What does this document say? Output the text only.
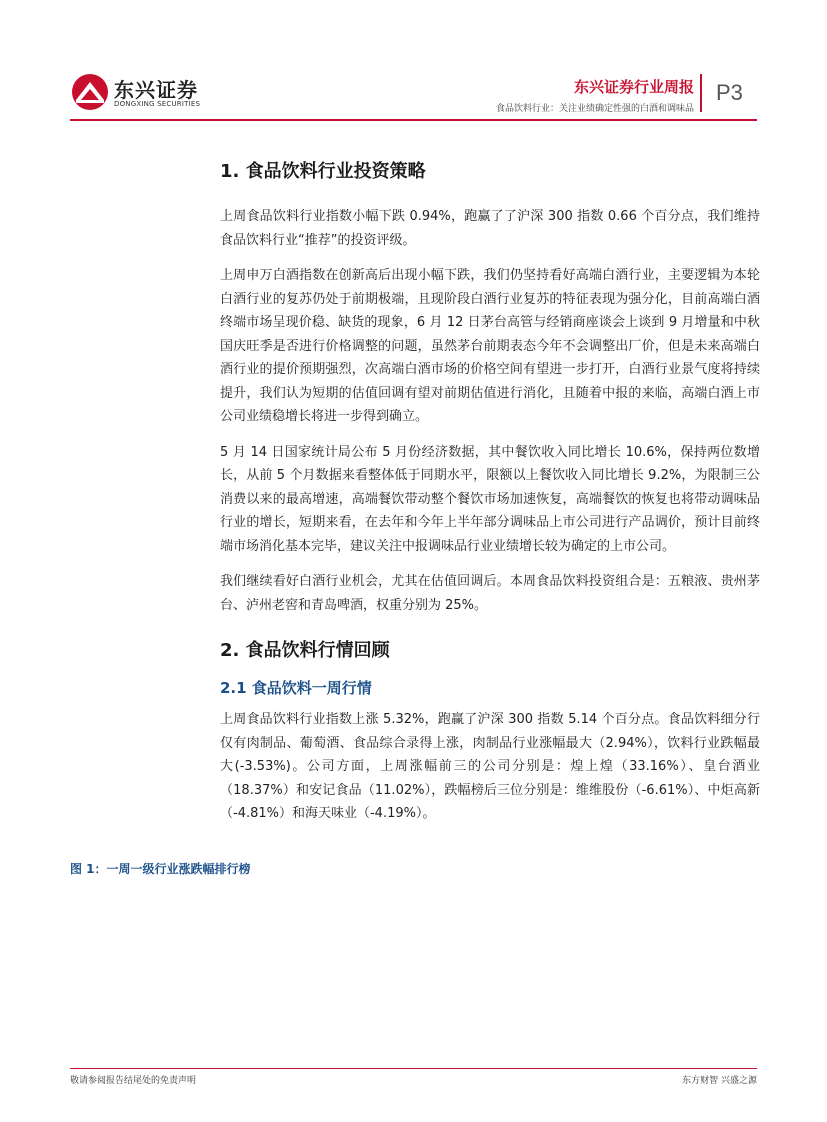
东兴证券
DONGXING SECURITIES
东兴证券行业周报
食品饮料行业：关注业绩确定性强的白酒和调味品
P3
1. 食品饮料行业投资策略

上周食品饮料行业指数小幅下跌 0.94%，跑赢了了沪深 300 指数 0.66 个百分点，我们维持食品饮料行业“推荐”的投资评级。

上周申万白酒指数在创新高后出现小幅下跌，我们仍坚持看好高端白酒行业，主要逻辑为本轮白酒行业的复苏仍处于前期极端，且现阶段白酒行业复苏的特征表现为强分化，目前高端白酒终端市场呈现价稳、缺货的现象，6 月 12 日茅台高管与经销商座谈会上谈到 9 月增量和中秋国庆旺季是否进行价格调整的问题，虽然茅台前期表态今年不会调整出厂价，但是未来高端白酒行业的提价预期强烈，次高端白酒市场的价格空间有望进一步打开，白酒行业景气度将持续提升，我们认为短期的估值回调有望对前期估值进行消化，且随着中报的来临，高端白酒上市公司业绩稳增长将进一步得到确立。

5 月 14 日国家统计局公布 5 月份经济数据，其中餐饮收入同比增长 10.6%，保持两位数增长，从前 5 个月数据来看整体低于同期水平，限额以上餐饮收入同比增长 9.2%，为限制三公消费以来的最高增速，高端餐饮带动整个餐饮市场加速恢复，高端餐饮的恢复也将带动调味品行业的增长，短期来看，在去年和今年上半年部分调味品上市公司进行产品调价，预计目前终端市场消化基本完毕，建议关注中报调味品行业业绩增长较为确定的上市公司。

我们继续看好白酒行业机会，尤其在估值回调后。本周食品饮料投资组合是：五粮液、贵州茅台、泸州老窖和青岛啤酒，权重分别为 25%。

2. 食品饮料行情回顾
2.1 食品饮料一周行情

上周食品饮料行业指数上涨 5.32%，跑赢了沪深 300 指数 5.14 个百分点。食品饮料细分行仅有肉制品、葡萄酒、食品综合录得上涨，肉制品行业涨幅最大（2.94%），饮料行业跌幅最大(-3.53%)。公司方面，上周涨幅前三的公司分别是：煌上煌（33.16%）、皇台酒业（18.37%）和安记食品（11.02%），跌幅榜后三位分别是：维维股份（-6.61%）、中炬高新（-4.81%）和海天味业（-4.19%）。

图 1：一周一级行业涨跌幅排行榜
敬请参阅报告结尾处的免责声明	东方财智 兴盛之源
